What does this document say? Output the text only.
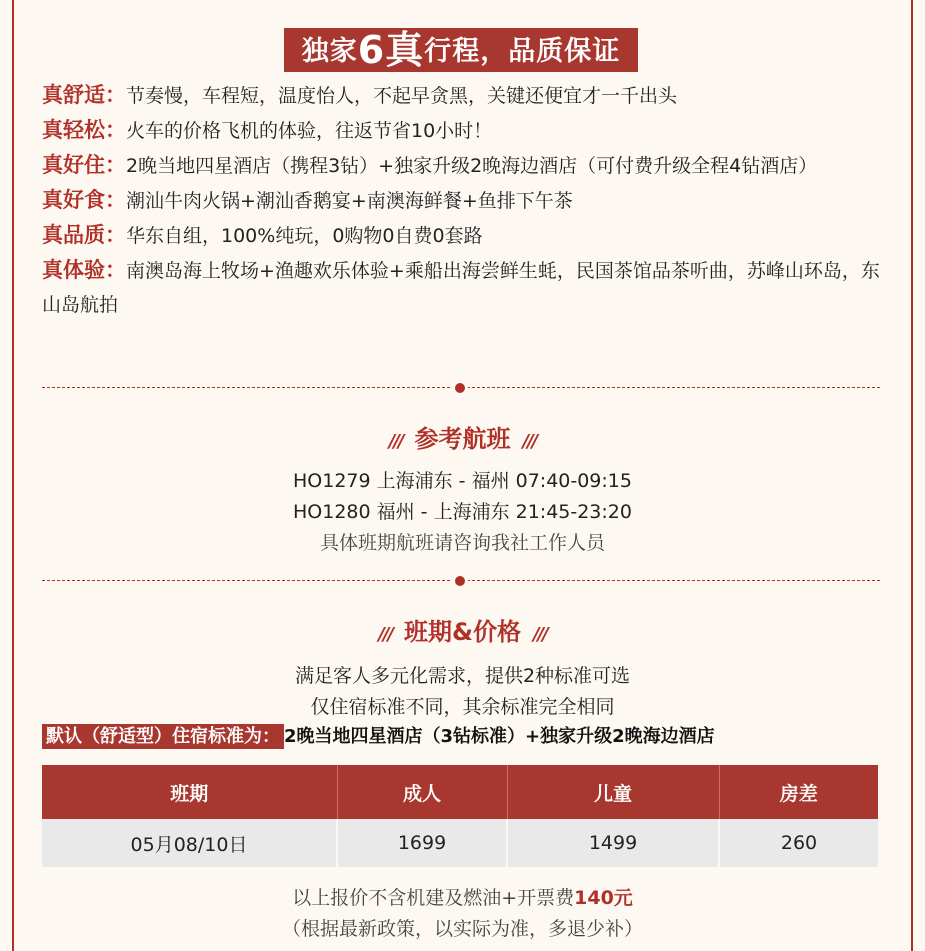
独家6真行程，品质保证

真舒适：节奏慢，车程短，温度怡人，不起早贪黑，关键还便宜才一千出头

真轻松：火车的价格飞机的体验，往返节省10小时！

真好住：2晚当地四星酒店（携程3钻）+独家升级2晚海边酒店（可付费升级全程4钻酒店）

真好食：潮汕牛肉火锅+潮汕香鹅宴+南澳海鲜餐+鱼排下午茶

真品质：华东自组，100%纯玩，0购物0自费0套路

真体验：南澳岛海上牧场+渔趣欢乐体验+乘船出海尝鲜生蚝，民国茶馆品茶听曲，苏峰山环岛，东山岛航拍

/// 参考航班 ///
HO1279 上海浦东 - 福州 07:40-09:15
HO1280 福州 - 上海浦东 21:45-23:20
具体班期航班请咨询我社工作人员
/// 班期&价格 ///
满足客人多元化需求，提供2种标准可选
仅住宿标准不同，其余标准完全相同
默认（舒适型）住宿标准为： 2晚当地四星酒店（3钻标准）+独家升级2晚海边酒店
班期	成人	儿童	房差
05月08/10日	1699	1499	260
以上报价不含机建及燃油+开票费140元
（根据最新政策，以实际为准，多退少补）
